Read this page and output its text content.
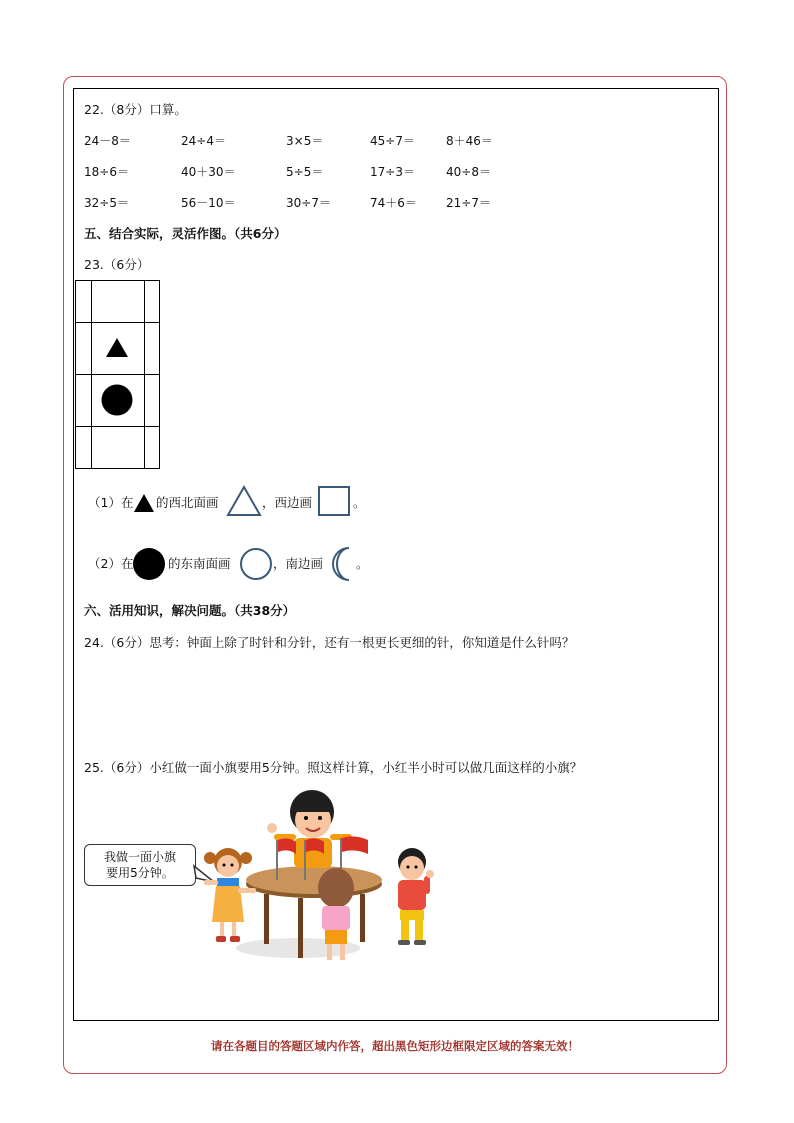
22.（8分）口算。
24－8＝	24÷4＝	3×5＝	45÷7＝	8＋46＝
18÷6＝	40＋30＝	5÷5＝	17÷3＝	40÷8＝
32÷5＝	56－10＝	30÷7＝	74＋6＝ 21÷7＝
五、结合实际，灵活作图。（共6分）
23.（6分）
（1）在 的西北面画	，西边画	。
（2）在	的东南面画	，南边画	。
六、活用知识，解决问题。（共38分）
24.（6分）思考：钟面上除了时针和分针，还有一根更长更细的针，你知道是什么针吗？
25.（6分）小红做一面小旗要用5分钟。照这样计算，小红半小时可以做几面这样的小旗？
我做一面小旗
要用5分钟。
请在各题目的答题区域内作答，超出黑色矩形边框限定区域的答案无效！
